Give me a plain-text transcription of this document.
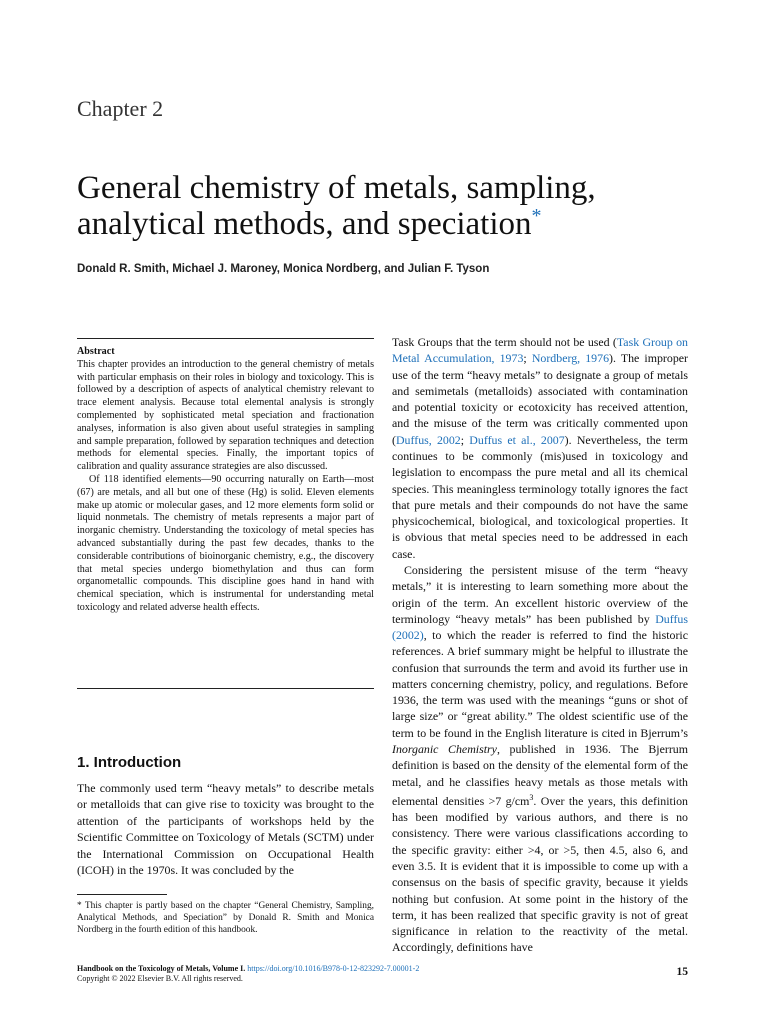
Chapter 2
General chemistry of metals, sampling, analytical methods, and speciation*
Donald R. Smith, Michael J. Maroney, Monica Nordberg, and Julian F. Tyson

Abstract

This chapter provides an introduction to the general chemistry of metals with particular emphasis on their roles in biology and toxicology. This is followed by a description of aspects of analytical chemistry relevant to trace element analysis. Because total elemental analysis is strongly complemented by sophisticated metal speciation and fractionation analyses, information is also given about useful strategies in sampling and sample preparation, followed by separation techniques and detection methods for elemental species. Finally, the important topics of calibration and quality assurance strategies are also discussed.

Of 118 identified elements—90 occurring naturally on Earth—most (67) are metals, and all but one of these (Hg) is solid. Eleven elements make up atomic or molecular gases, and 12 more elements form solid or liquid nonmetals. The chemistry of metals represents a major part of inorganic chemistry. Understanding the toxicology of metal species has advanced substantially during the past few decades, thanks to the considerable contributions of bioinorganic chemistry, e.g., the discovery that metal species undergo biomethylation and thus can form organometallic compounds. This discipline goes hand in hand with chemical speciation, which is instrumental for understanding metal toxicology and related adverse health effects.

1. Introduction

The commonly used term “heavy metals” to describe metals or metalloids that can give rise to toxicity was brought to the attention of the participants of workshops held by the Scientific Committee on Toxicology of Metals (SCTM) under the International Commission on Occupational Health (ICOH) in the 1970s. It was concluded by the

* This chapter is partly based on the chapter “General Chemistry, Sampling, Analytical Methods, and Speciation” by Donald R. Smith and Monica Nordberg in the fourth edition of this handbook.

Task Groups that the term should not be used (Task Group on Metal Accumulation, 1973; Nordberg, 1976). The improper use of the term “heavy metals” to designate a group of metals and semimetals (metalloids) associated with contamination and potential toxicity or ecotoxicity has received attention, and the misuse of the term was critically commented upon (Duffus, 2002; Duffus et al., 2007). Nevertheless, the term continues to be commonly (mis)used in toxicology and legislation to encompass the pure metal and all its chemical species. This meaningless terminology totally ignores the fact that pure metals and their compounds do not have the same physicochemical, biological, and toxicological properties. It is obvious that metal species need to be addressed in each case.

Considering the persistent misuse of the term “heavy metals,” it is interesting to learn something more about the origin of the term. An excellent historic overview of the terminology “heavy metals” has been published by Duffus (2002), to which the reader is referred to find the historic references. A brief summary might be helpful to illustrate the confusion that surrounds the term and avoid its further use in matters concerning chemistry, policy, and regulations. Before 1936, the term was used with the meanings “guns or shot of large size” or “great ability.” The oldest scientific use of the term to be found in the English literature is cited in Bjerrum’s Inorganic Chemistry, published in 1936. The Bjerrum definition is based on the density of the elemental form of the metal, and he classifies heavy metals as those metals with elemental densities >7 $g/cm^3$. Over the years, this definition has been modified by various authors, and there is no consistency. There were various classifications according to the specific gravity: either >4, or >5, then 4.5, also 6, and even 3.5. It is evident that it is impossible to come up with a consensus on the basis of specific gravity, because it yields nothing but confusion. At some point in the history of the term, it has been realized that specific gravity is not of great significance in relation to the reactivity of the metal. Accordingly, definitions have

Handbook on the Toxicology of Metals, Volume I. https://doi.org/10.1016/B978-0-12-823292-7.00001-2
Copyright © 2022 Elsevier B.V. All rights reserved.
15
